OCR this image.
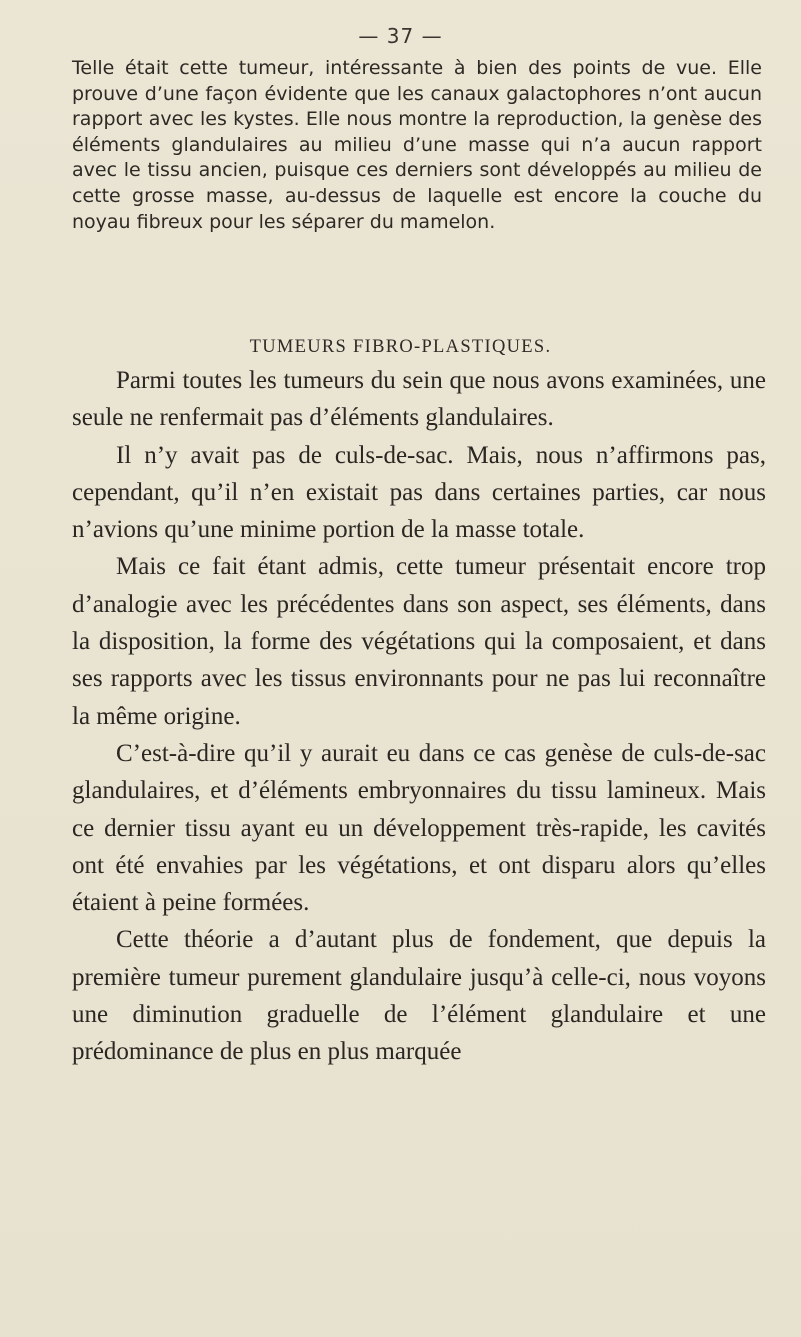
— 37 —

Telle était cette tumeur, intéressante à bien des points de vue. Elle prouve d’une façon évidente que les canaux galactophores n’ont aucun rapport avec les kystes. Elle nous montre la reproduction, la genèse des éléments glandulaires au milieu d’une masse qui n’a aucun rapport avec le tissu ancien, puisque ces derniers sont développés au milieu de cette grosse masse, au-dessus de laquelle est encore la couche du noyau fibreux pour les séparer du mamelon.

TUMEURS FIBRO-PLASTIQUES.

Parmi toutes les tumeurs du sein que nous avons examinées, une seule ne renfermait pas d’éléments glandulaires.

Il n’y avait pas de culs-de-sac. Mais, nous n’affirmons pas, cependant, qu’il n’en existait pas dans certaines parties, car nous n’avions qu’une minime portion de la masse totale.

Mais ce fait étant admis, cette tumeur présentait encore trop d’analogie avec les précédentes dans son aspect, ses éléments, dans la disposition, la forme des végétations qui la composaient, et dans ses rapports avec les tissus environnants pour ne pas lui reconnaître la même origine.

C’est-à-dire qu’il y aurait eu dans ce cas genèse de culs-de-sac glandulaires, et d’éléments embryonnaires du tissu lamineux. Mais ce dernier tissu ayant eu un développement très-rapide, les cavités ont été envahies par les végétations, et ont disparu alors qu’elles étaient à peine formées.

Cette théorie a d’autant plus de fondement, que depuis la première tumeur purement glandulaire jusqu’à celle-ci, nous voyons une diminution graduelle de l’élément glandulaire et une prédominance de plus en plus marquée
